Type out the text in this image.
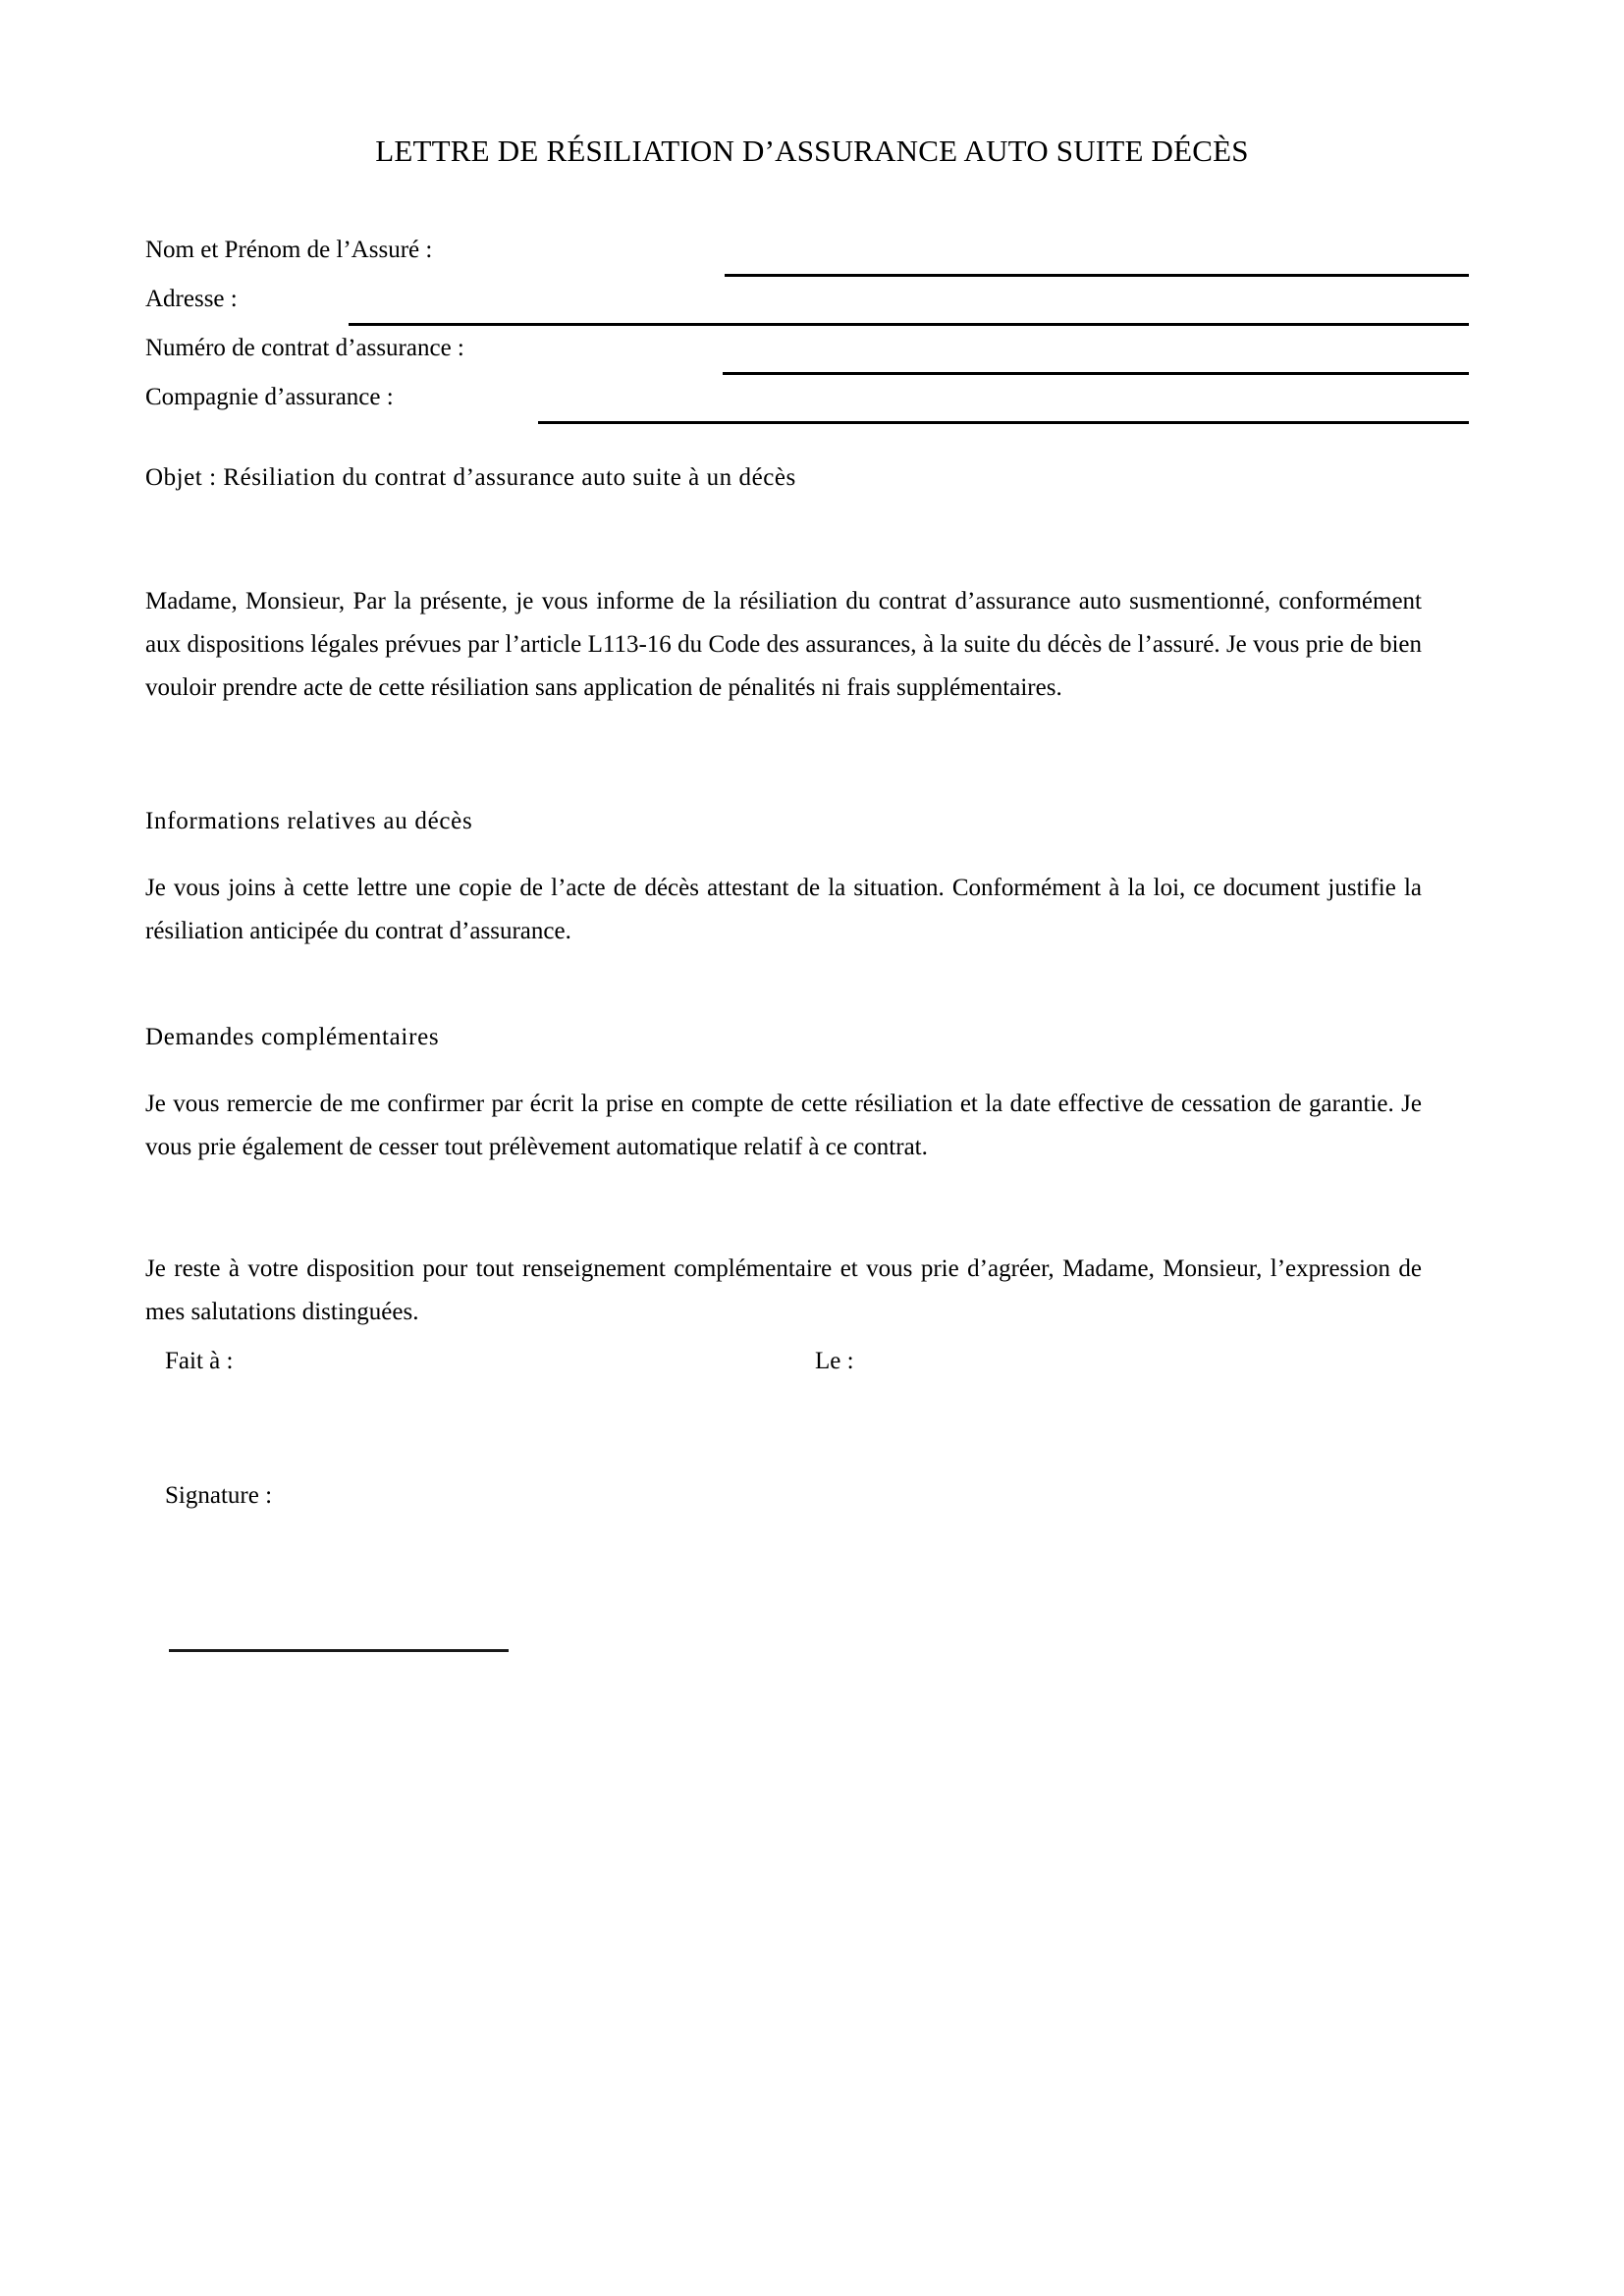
LETTRE DE RÉSILIATION D’ASSURANCE AUTO SUITE DÉCÈS
Nom et Prénom de l’Assuré :
Adresse :
Numéro de contrat d’assurance :
Compagnie d’assurance :
Objet : Résiliation du contrat d’assurance auto suite à un décès

Madame, Monsieur, Par la présente, je vous informe de la résiliation du contrat d’assurance auto susmentionné, conformément aux dispositions légales prévues par l’article L113-16 du Code des assurances, à la suite du décès de l’assuré. Je vous prie de bien vouloir prendre acte de cette résiliation sans application de pénalités ni frais supplémentaires.

Informations relatives au décès

Je vous joins à cette lettre une copie de l’acte de décès attestant de la situation. Conformément à la loi, ce document justifie la résiliation anticipée du contrat d’assurance.

Demandes complémentaires

Je vous remercie de me confirmer par écrit la prise en compte de cette résiliation et la date effective de cessation de garantie. Je vous prie également de cesser tout prélèvement automatique relatif à ce contrat.

Je reste à votre disposition pour tout renseignement complémentaire et vous prie d’agréer, Madame, Monsieur, l’expression de mes salutations distinguées.

Fait à :	Le :
Signature :
